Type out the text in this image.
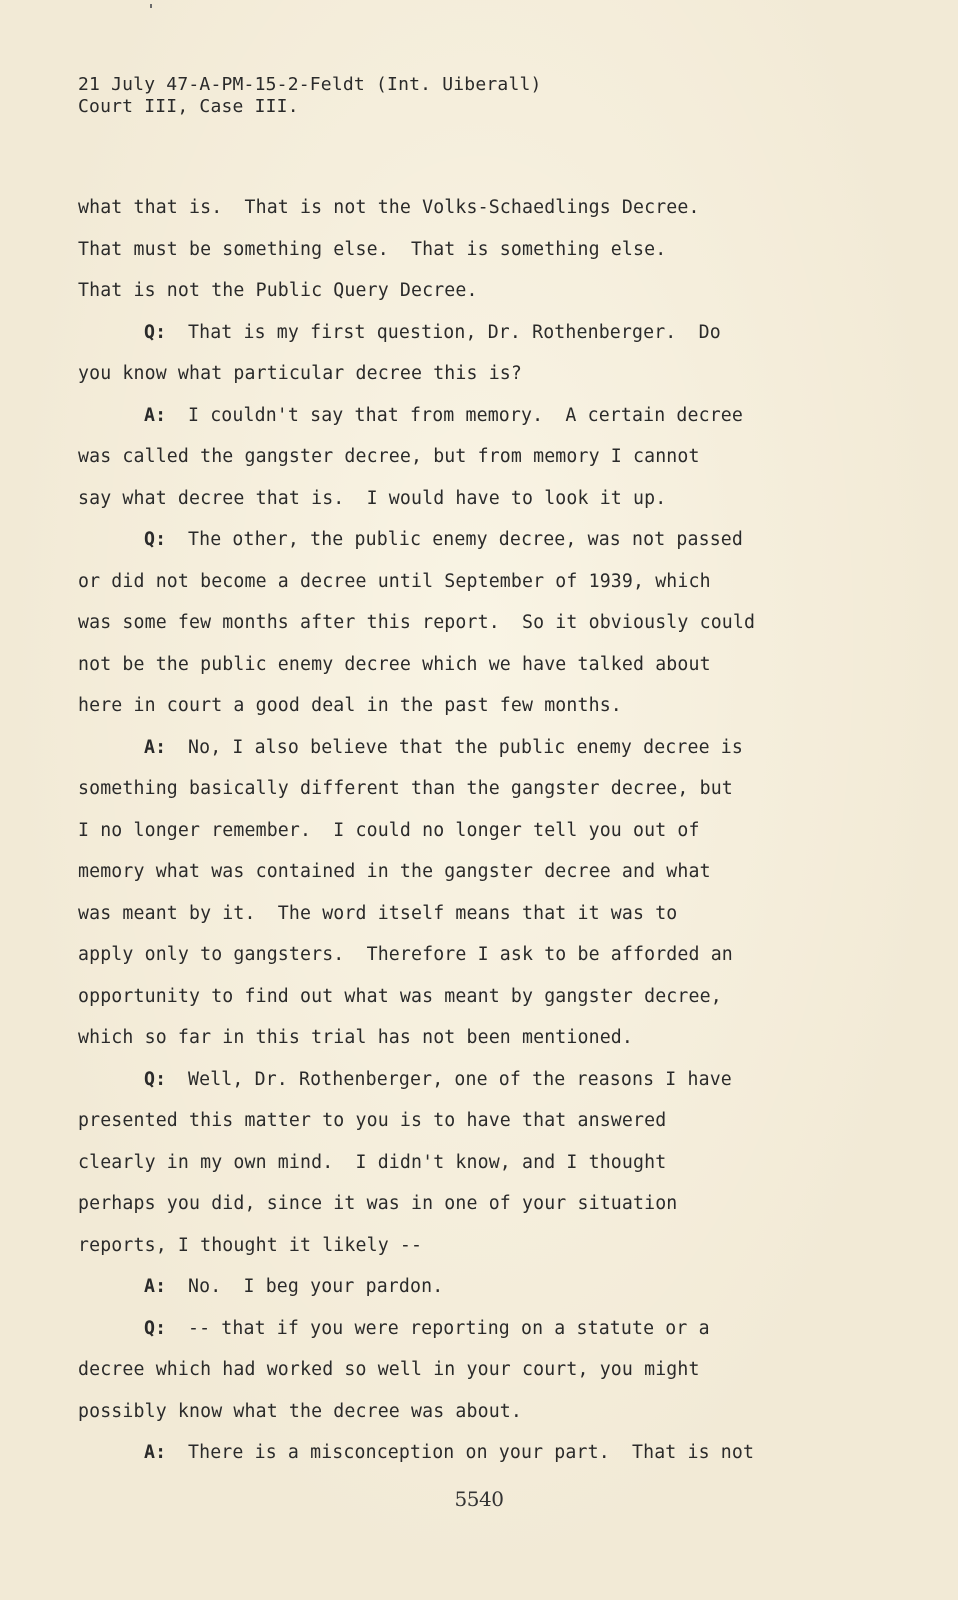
21 July 47-A-PM-15-2-Feldt (Int. Uiberall)
Court III, Case III.
what that is.  That is not the Volks-Schaedlings Decree.
That must be something else.  That is something else.
That is not the Public Query Decree.
Q: That is my first question, Dr. Rothenberger.  Do
you know what particular decree this is?
A: I couldn't say that from memory.  A certain decree
was called the gangster decree, but from memory I cannot
say what decree that is.  I would have to look it up.
Q: The other, the public enemy decree, was not passed
or did not become a decree until September of 1939, which
was some few months after this report.  So it obviously could
not be the public enemy decree which we have talked about
here in court a good deal in the past few months.
A: No, I also believe that the public enemy decree is
something basically different than the gangster decree, but
I no longer remember.  I could no longer tell you out of
memory what was contained in the gangster decree and what
was meant by it.  The word itself means that it was to
apply only to gangsters.  Therefore I ask to be afforded an
opportunity to find out what was meant by gangster decree,
which so far in this trial has not been mentioned.
Q: Well, Dr. Rothenberger, one of the reasons I have
presented this matter to you is to have that answered
clearly in my own mind.  I didn't know, and I thought
perhaps you did, since it was in one of your situation
reports, I thought it likely --
A: No.  I beg your pardon.
Q: -- that if you were reporting on a statute or a
decree which had worked so well in your court, you might
possibly know what the decree was about.
A: There is a misconception on your part.  That is not
5540
